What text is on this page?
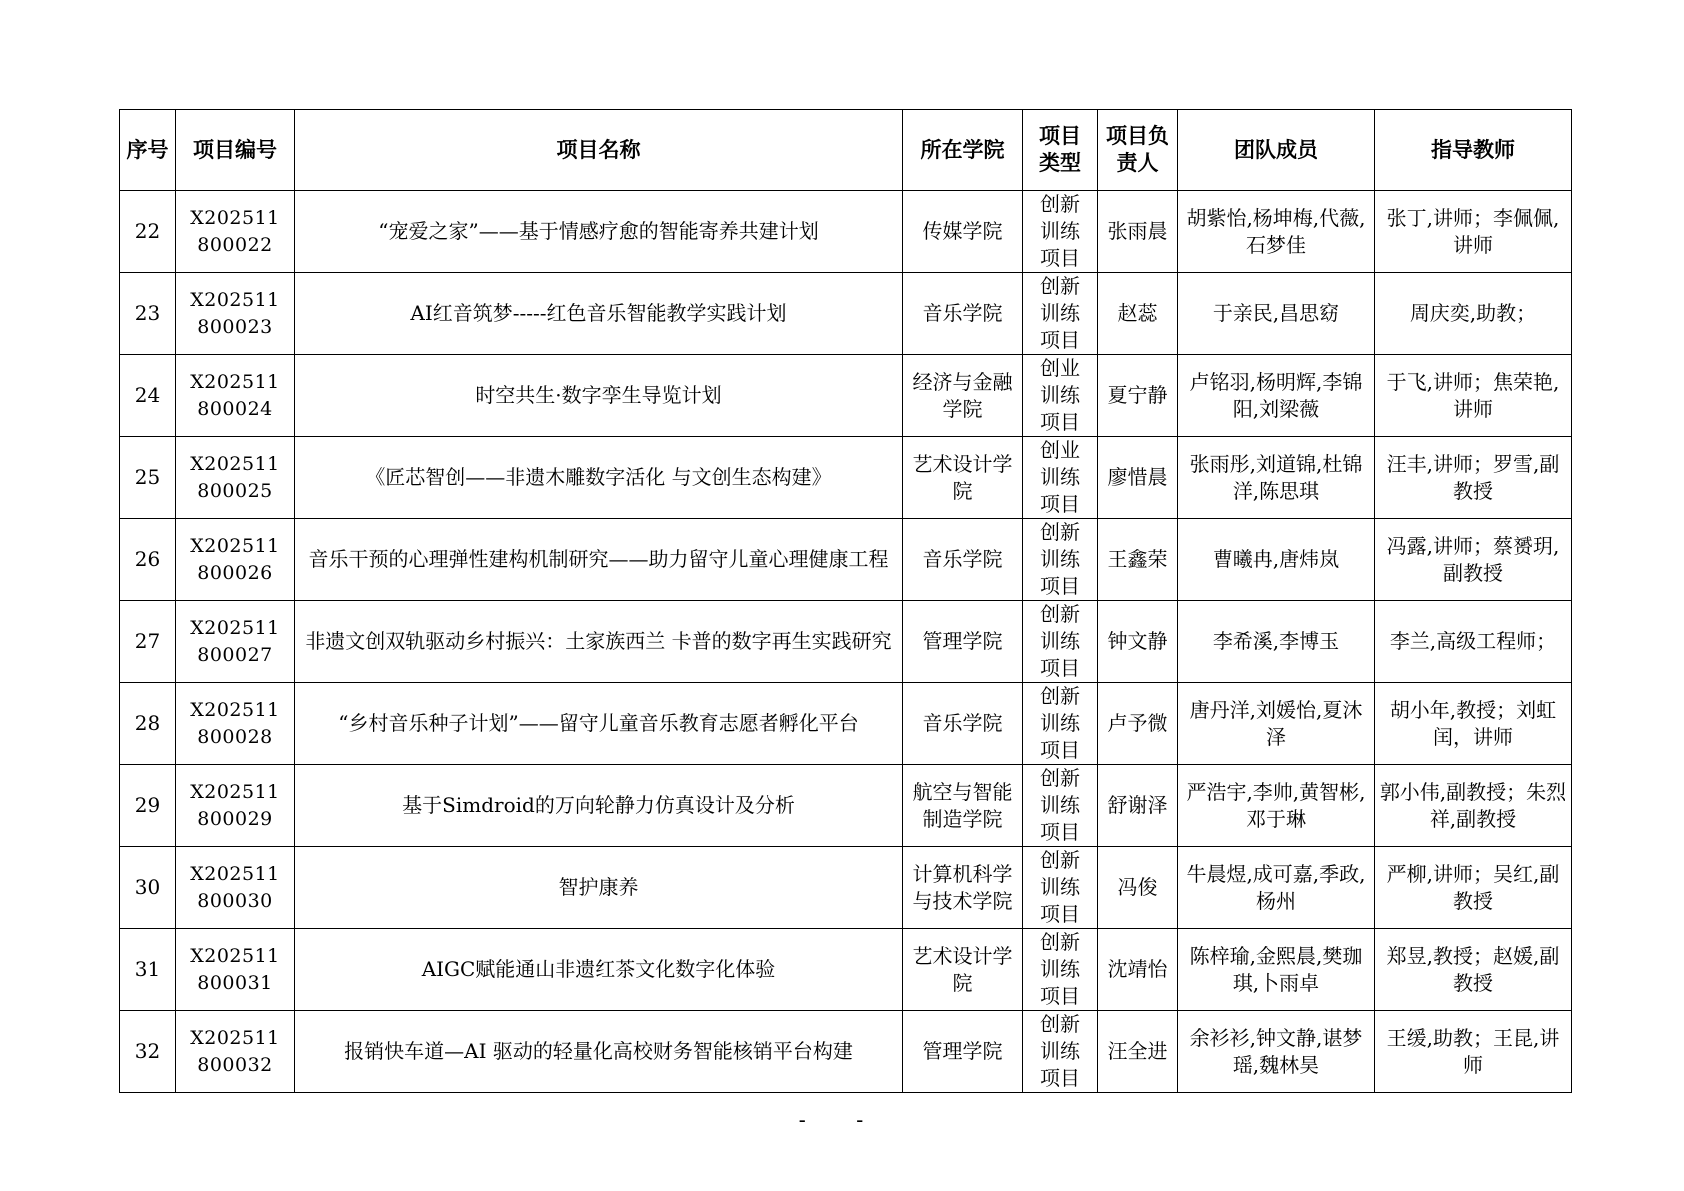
序号	项目编号	项目名称	所在学院	项目类型	项目负责人	团队成员	指导教师
22	X202511800022	“宠爱之家”——基于情感疗愈的智能寄养共建计划	传媒学院	创新训练项目	张雨晨	胡紫怡,杨坤梅,代薇,石梦佳	张丁,讲师；李佩佩,讲师
23	X202511800023	AI红音筑梦-----红色音乐智能教学实践计划	音乐学院	创新训练项目	赵蕊	于亲民,昌思窈	周庆奕,助教；
24	X202511800024	时空共生·数字孪生导览计划	经济与金融学院	创业训练项目	夏宁静	卢铭羽,杨明辉,李锦阳,刘梁薇	于飞,讲师；焦荣艳,讲师
25	X202511800025	《匠芯智创——非遗木雕数字活化 与文创生态构建》	艺术设计学院	创业训练项目	廖惜晨	张雨彤,刘道锦,杜锦洋,陈思琪	汪丰,讲师；罗雪,副教授
26	X202511800026	音乐干预的心理弹性建构机制研究——助力留守儿童心理健康工程	音乐学院	创新训练项目	王鑫荣	曹曦冉,唐炜岚	冯露,讲师；蔡赟玥,副教授
27	X202511800027	非遗文创双轨驱动乡村振兴：土家族西兰 卡普的数字再生实践研究	管理学院	创新训练项目	钟文静	李希溪,李博玉	李兰,高级工程师；
28	X202511800028	“乡村音乐种子计划”——留守儿童音乐教育志愿者孵化平台	音乐学院	创新训练项目	卢予微	唐丹洋,刘媛怡,夏沐泽	胡小年,教授；刘虹闰，讲师
29	X202511800029	基于Simdroid的万向轮静力仿真设计及分析	航空与智能制造学院	创新训练项目	舒谢泽	严浩宇,李帅,黄智彬,邓于琳	郭小伟,副教授；朱烈祥,副教授
30	X202511800030	智护康养	计算机科学与技术学院	创新训练项目	冯俊	牛晨煜,成可嘉,季政,杨州	严柳,讲师；吴红,副教授
31	X202511800031	AIGC赋能通山非遗红茶文化数字化体验	艺术设计学院	创新训练项目	沈靖怡	陈梓瑜,金熙晨,樊珈琪,卜雨卓	郑昱,教授；赵媛,副教授
32	X202511800032	报销快车道—AI 驱动的轻量化高校财务智能核销平台构建	管理学院	创新训练项目	汪全进	余衫衫,钟文静,谌梦瑶,魏林昊	王缓,助教；王昆,讲师
- -
